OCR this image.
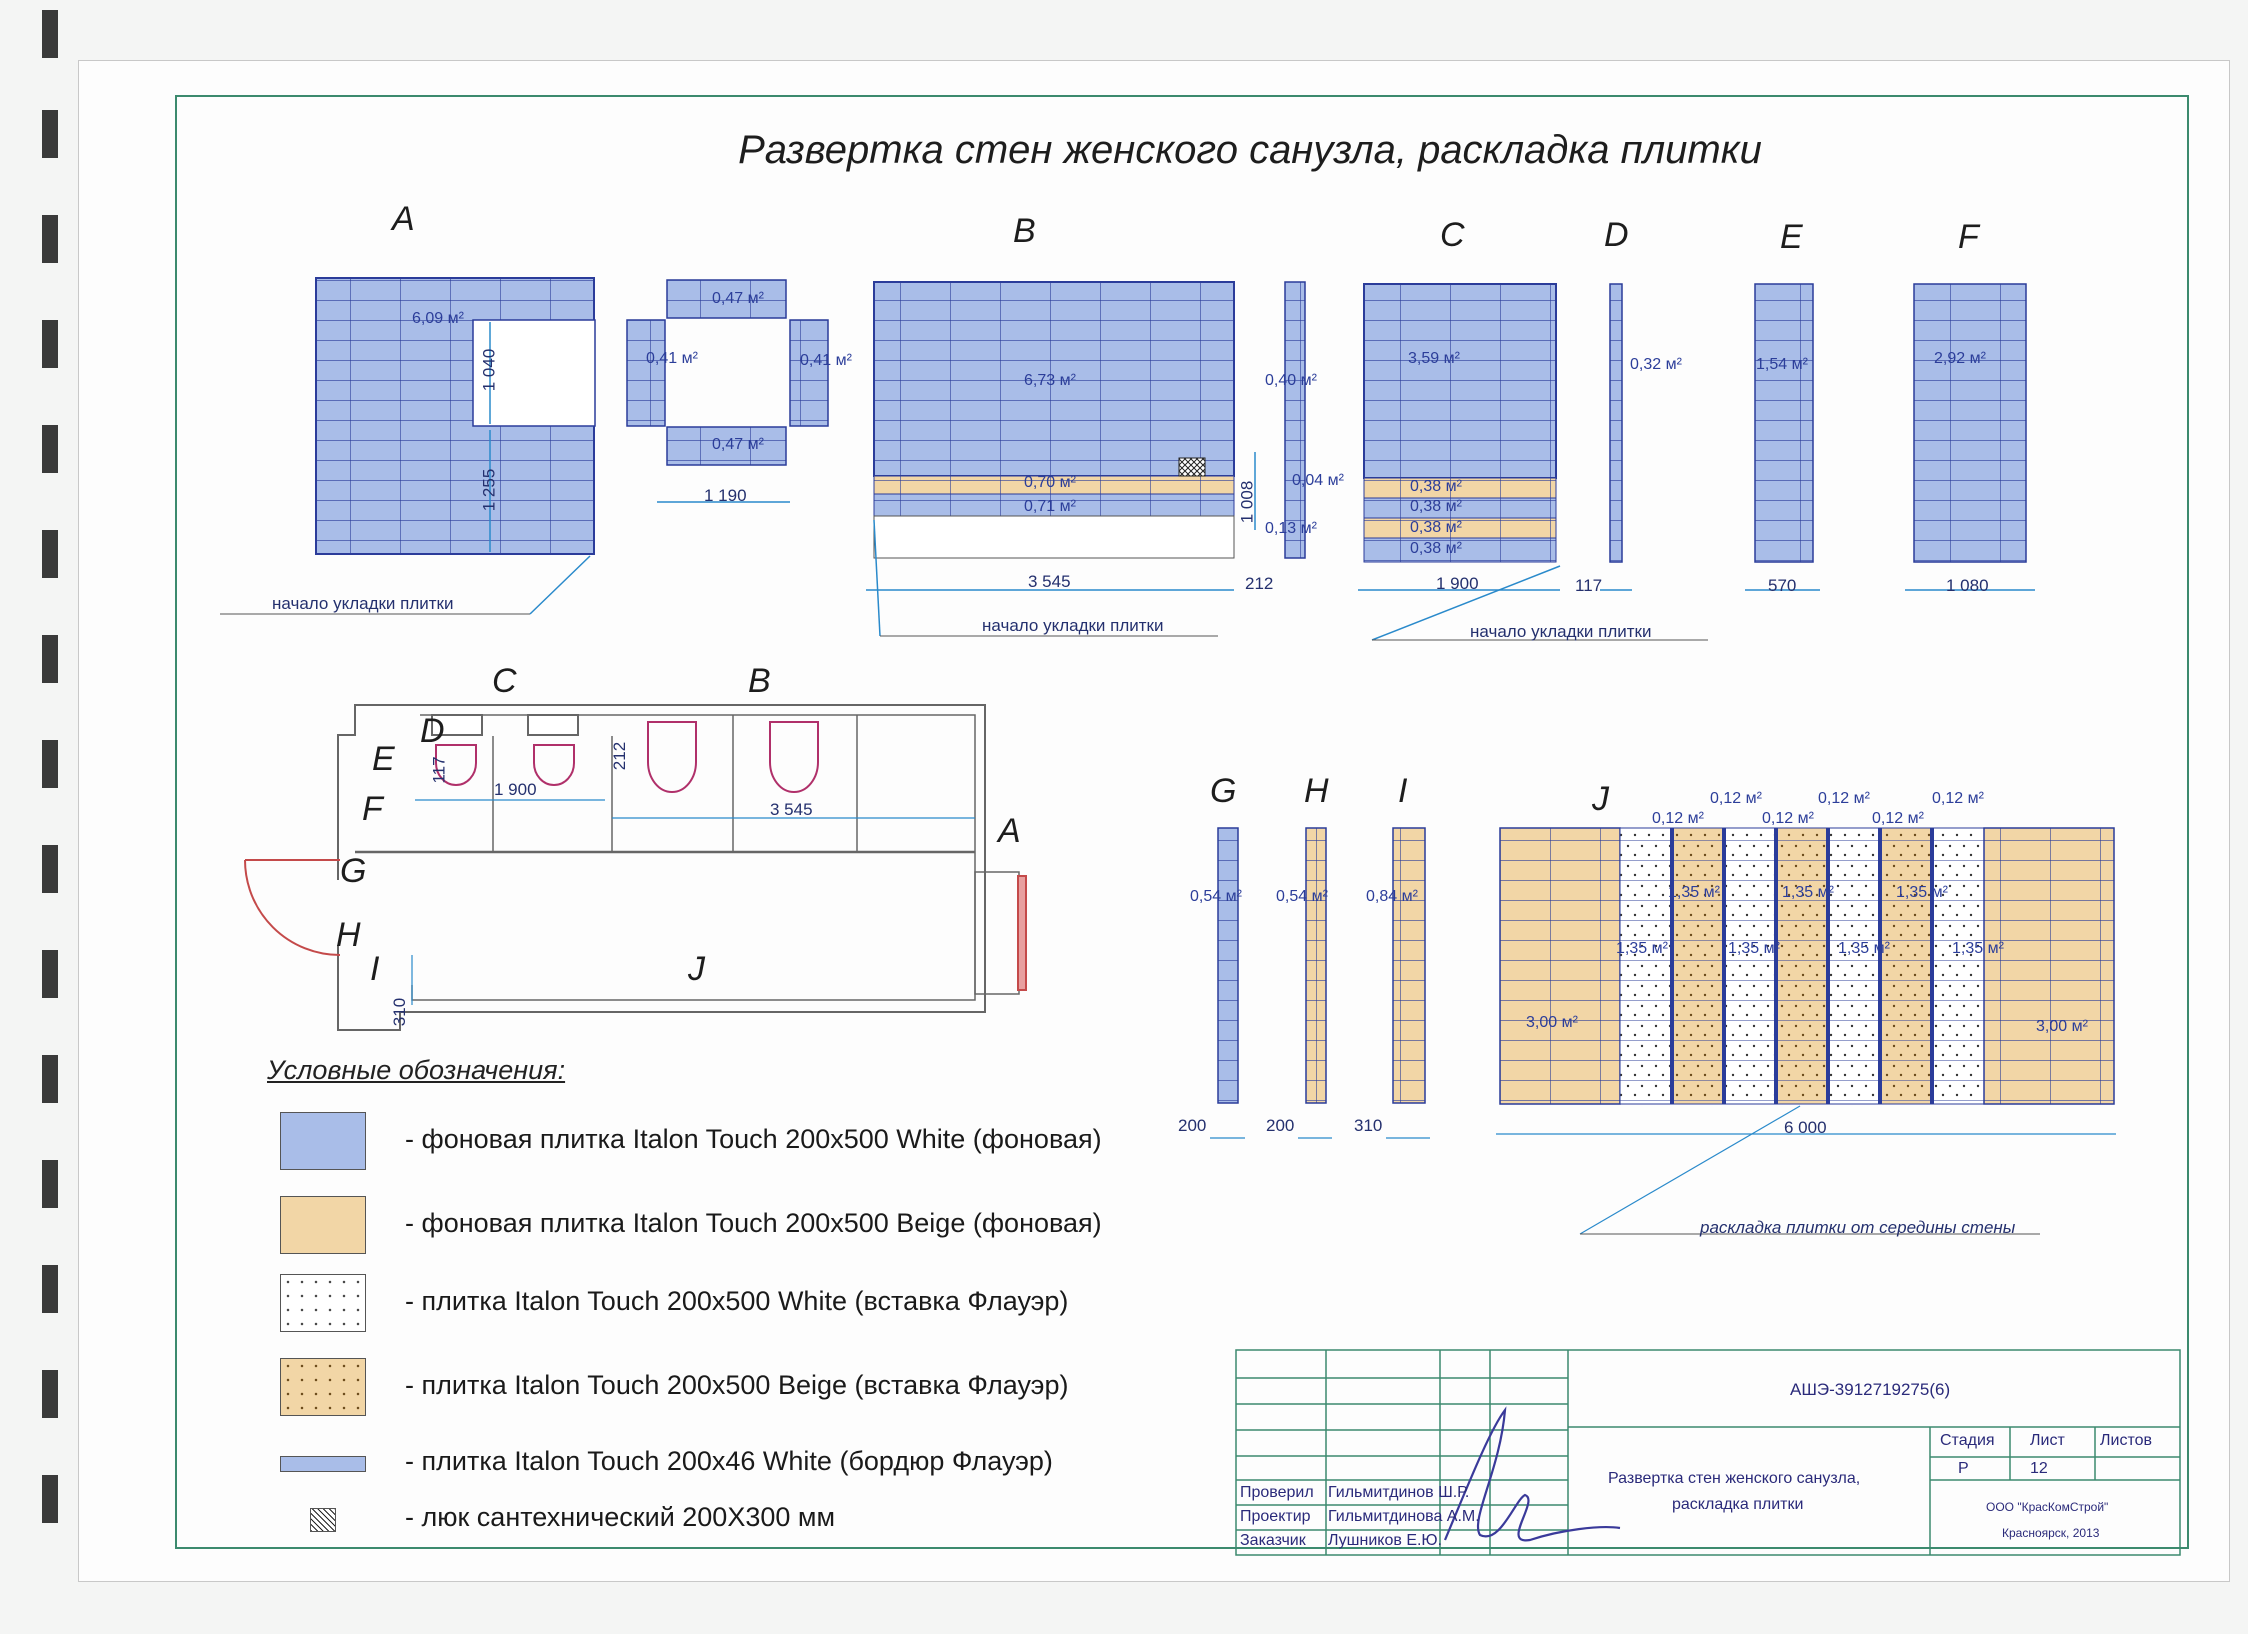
Развертка стен женского санузла, раскладка плитки
A	B	C	D	E	F
6,09 м²
1 040
1 255
начало укладки плитки
0,47 м²
0,47 м²
0,41 м²	0,41 м²
1 190
6,73 м²
0,70 м²
0,71 м²
3 545
1 008
0,40 м²
0,04 м²
0,13 м²
212
начало укладки плитки
3,59 м²
0,38 м²
0,38 м²
0,38 м²
0,38 м²
1 900
начало укладки плитки
0,32 м²
117
1,54 м²
570
2,92 м²
1 080
C	B
D
E
F
G
H
I	J
A
1 900
3 545
117	212
310
G H I	J
0,54 м² 0,54 м² 0,84 м²
200	200	310
3,00 м²	3,00 м²
0,12 м²	0,12 м²	0,12 м²
0,12 м²	0,12 м²	0,12 м²
1,35 м²	1,35 м²	1,35 м²
1,35 м²	1,35 м²	1,35 м²	1,35 м²
6 000
раскладка плитки от середины стены
Условные обозначения:
- фоновая плитка Italon Touch 200x500 White (фоновая)
- фоновая плитка Italon Touch 200x500 Beige (фоновая)
- плитка Italon Touch 200x500 White (вставка Флауэр)
- плитка Italon Touch 200x500 Beige (вставка Флауэр)
- плитка Italon Touch 200x46 White (бордюр Флауэр)
- люк сантехнический 200Х300 мм
АШЭ-3912719275(6)
Стадия Лист Листов
Р	12
Развертка стен женского санузла,
раскладка плитки	ООО "КрасКомСтрой"
Красноярск, 2013
Проверил Гильмитдинов Ш.Р.
Проектир Гильмитдинова А.М.
Заказчик Лушников Е.Ю.
